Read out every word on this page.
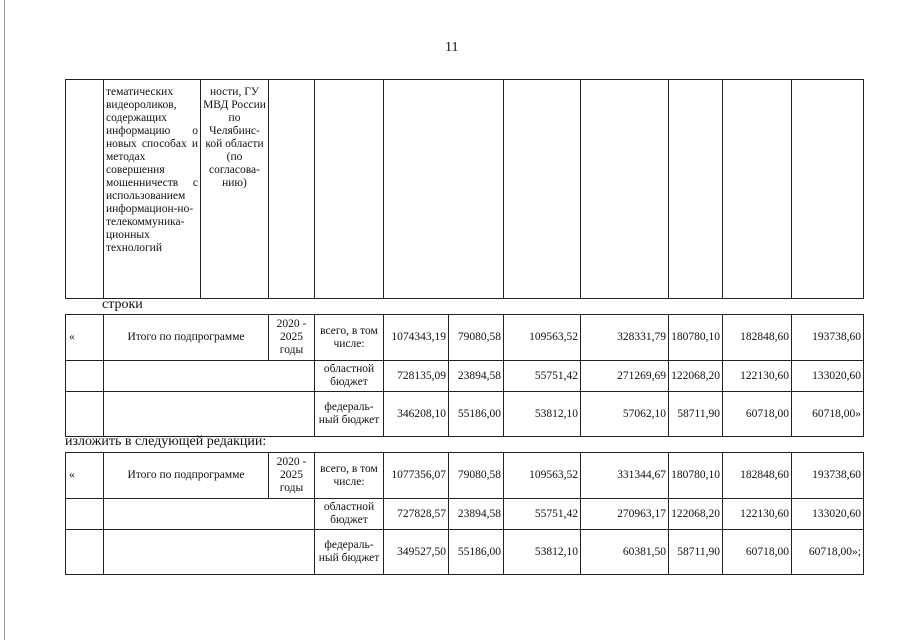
11
	тематических видеороликов, содержащих информацию о новых способах и методах совершения мошенничеств с использованием информацион-но-телекоммуника-ционных технологий	ности, ГУ МВД России по Челябинс-кой области (по согласова-нию)								
строки
«	Итого по подпрограмме	2020 - 2025 годы	всего, в том числе:	1074343,19	79080,58	109563,52	328331,79	180780,10	182848,60	193738,60
			областной бюджет	728135,09	23894,58	55751,42	271269,69	122068,20	122130,60	133020,60
			федераль-ный бюджет	346208,10	55186,00	53812,10	57062,10	58711,90	60718,00	60718,00»
изложить в следующей редакции:
«	Итого по подпрограмме	2020 - 2025 годы	всего, в том числе:	1077356,07	79080,58	109563,52	331344,67	180780,10	182848,60	193738,60
			областной бюджет	727828,57	23894,58	55751,42	270963,17	122068,20	122130,60	133020,60
			федераль-ный бюджет	349527,50	55186,00	53812,10	60381,50	58711,90	60718,00	60718,00»;
